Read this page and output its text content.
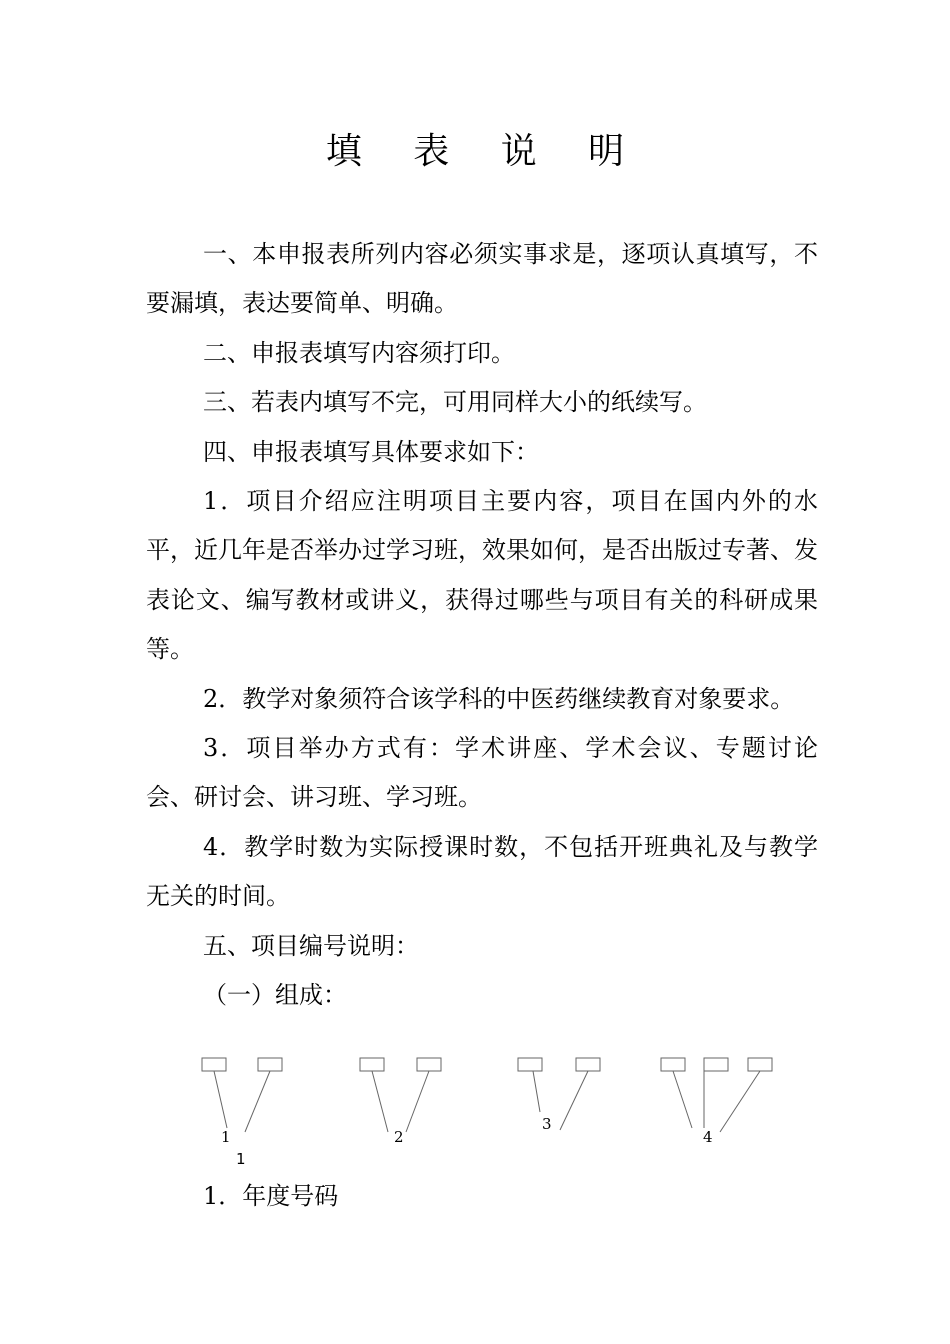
填 表 说 明

一、本申报表所列内容必须实事求是，逐项认真填写，不要漏填，表达要简单、明确。

二、申报表填写内容须打印。

三、若表内填写不完，可用同样大小的纸续写。

四、申报表填写具体要求如下：

1．项目介绍应注明项目主要内容，项目在国内外的水平，近几年是否举办过学习班，效果如何，是否出版过专著、发表论文、编写教材或讲义，获得过哪些与项目有关的科研成果等。

2．教学对象须符合该学科的中医药继续教育对象要求。

3．项目举办方式有：学术讲座、学术会议、专题讨论会、研讨会、讲习班、学习班。

4．教学时数为实际授课时数，不包括开班典礼及与教学无关的时间。

五、项目编号说明：

（一）组成：

1	2
3
4
1

1．年度号码
